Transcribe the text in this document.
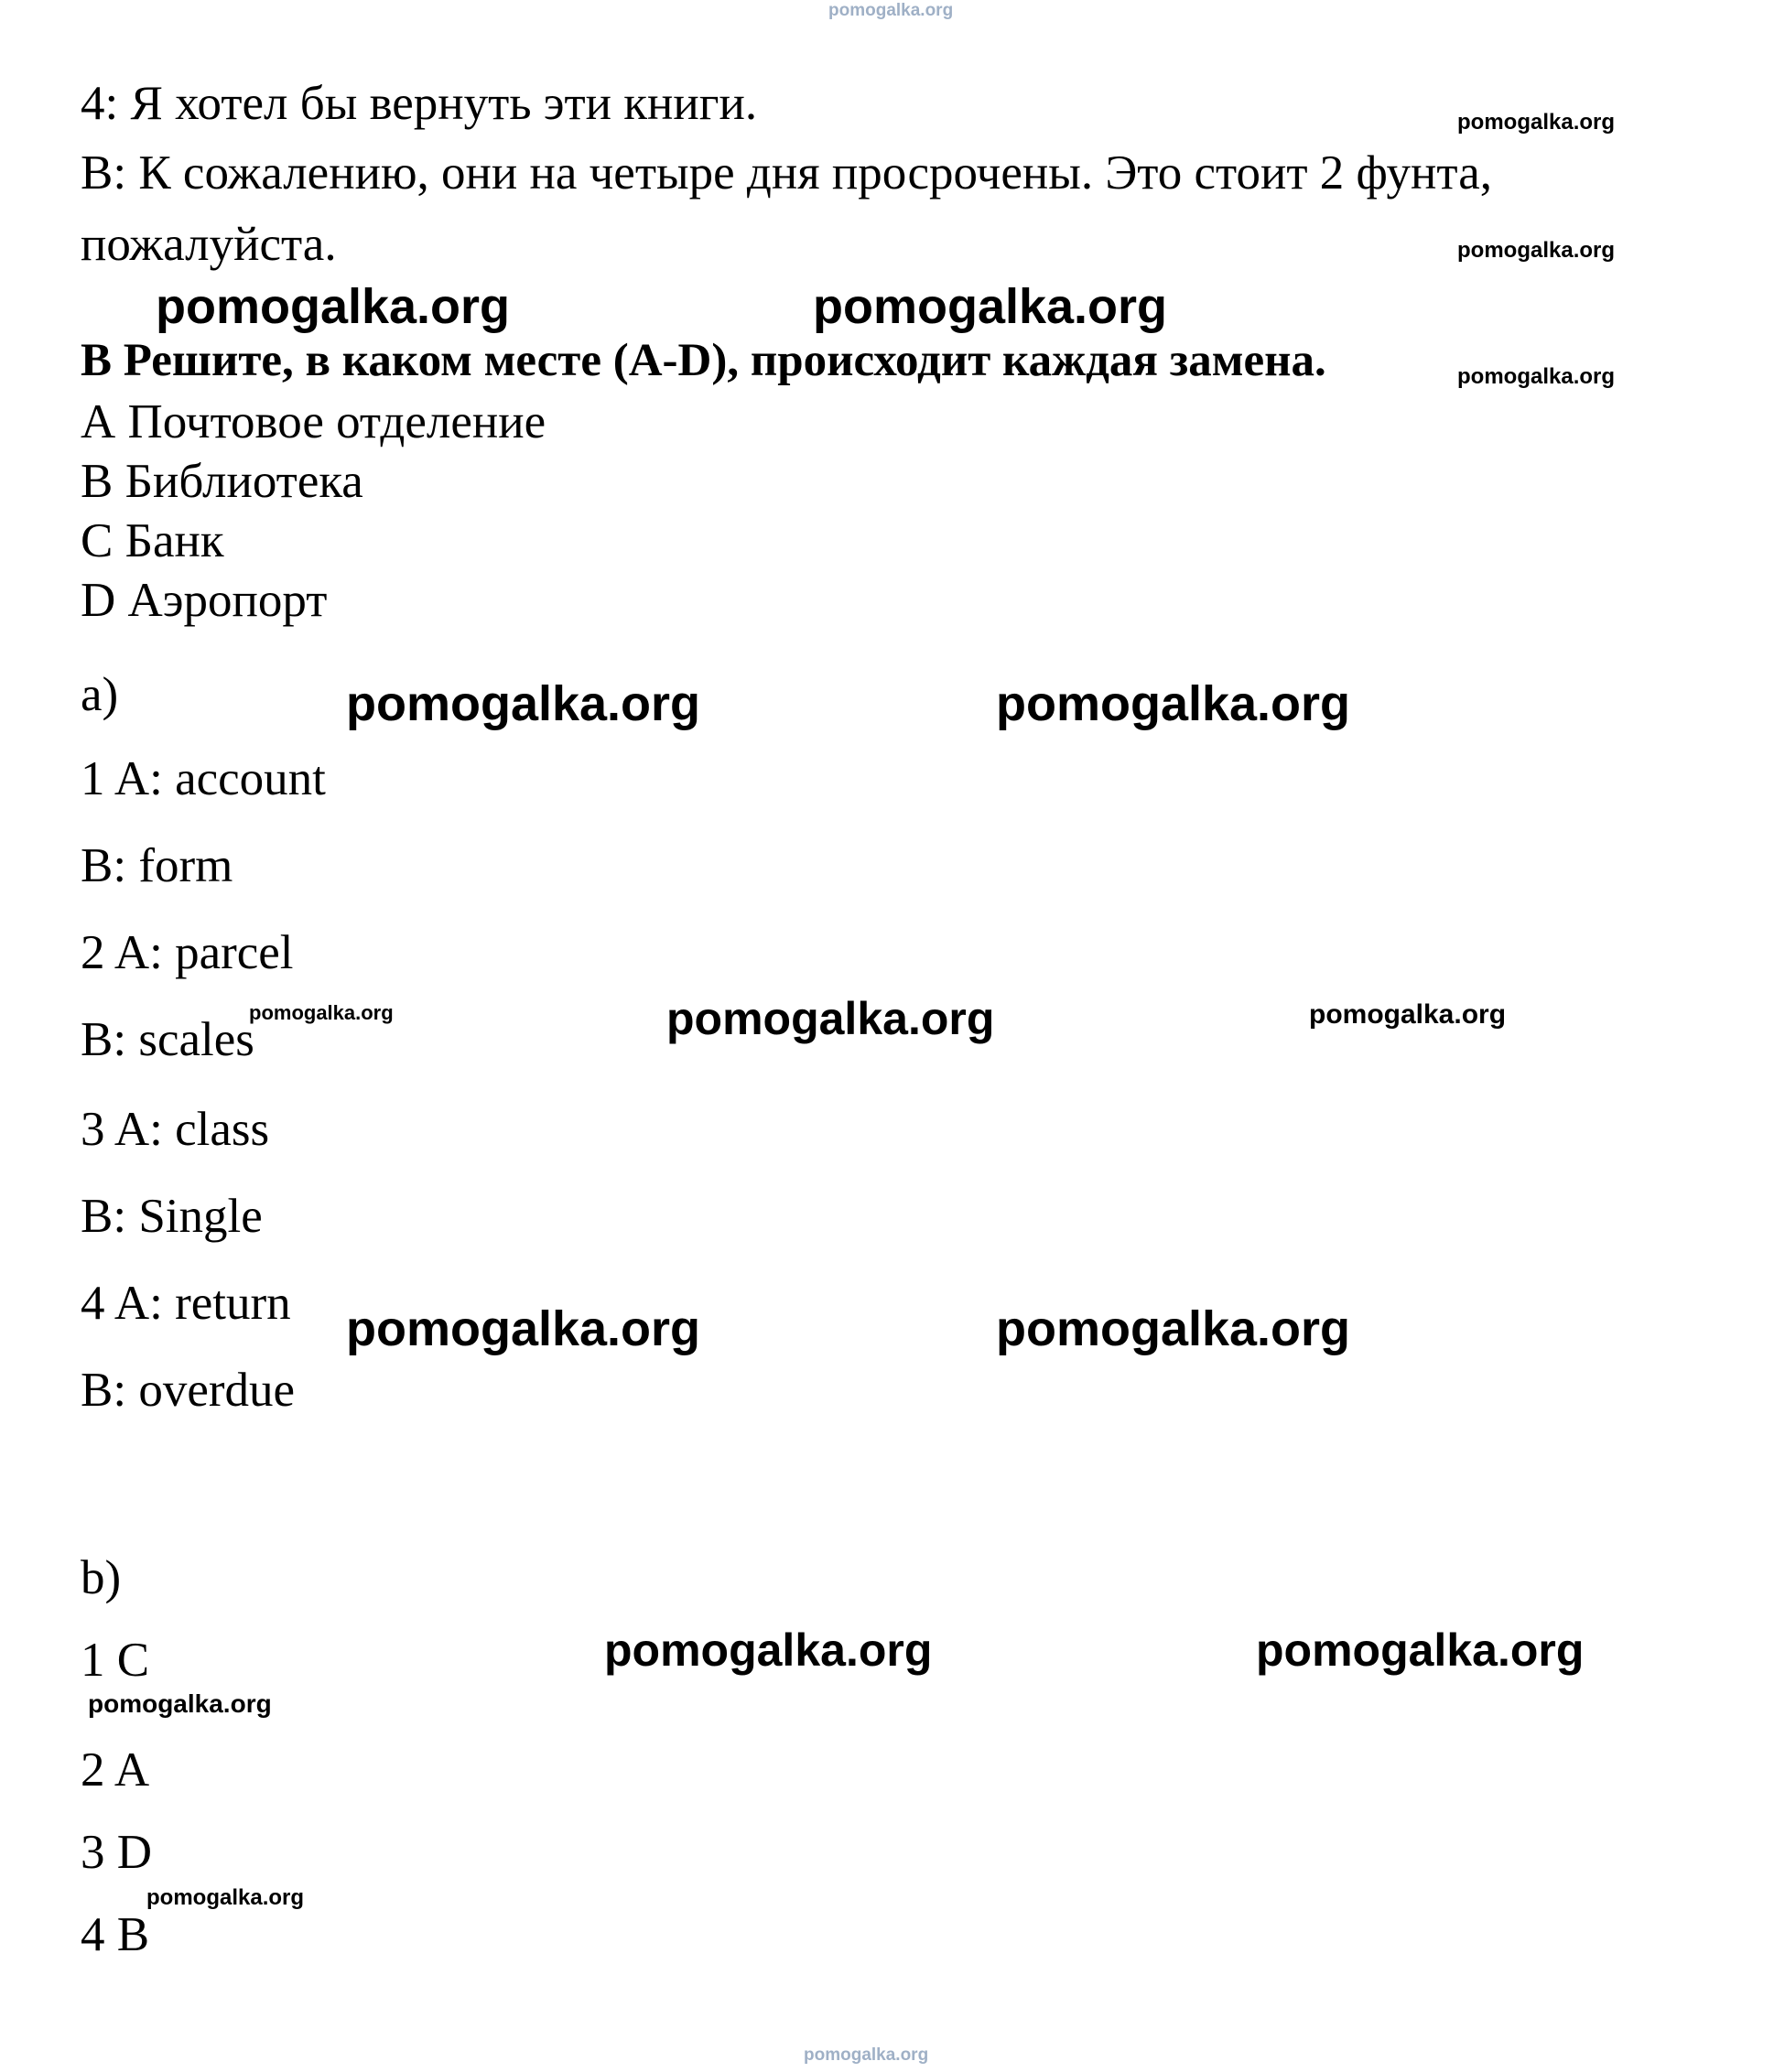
pomogalka.org
4: Я хотел бы вернуть эти книги.	pomogalka.org
B: К сожалению, они на четыре дня просрочены. Это стоит 2 фунта,
пожалуйста.	pomogalka.org
pomogalka.org	pomogalka.org
В Решите, в каком месте (A-D), происходит каждая замена.	pomogalka.org
А Почтовое отделение
В Библиотека
С Банк
D Аэропорт
a)	pomogalka.org	pomogalka.org
1 A: account
B: form
2 A: parcel
B: scales
pomogalka.org	pomogalka.org	pomogalka.org
3 A: class
B: Single
4 A: return pomogalka.org	pomogalka.org
B: overdue
b)
1 C	pomogalka.org	pomogalka.org
pomogalka.org
2 A
3 D
4 B
pomogalka.org
pomogalka.org
